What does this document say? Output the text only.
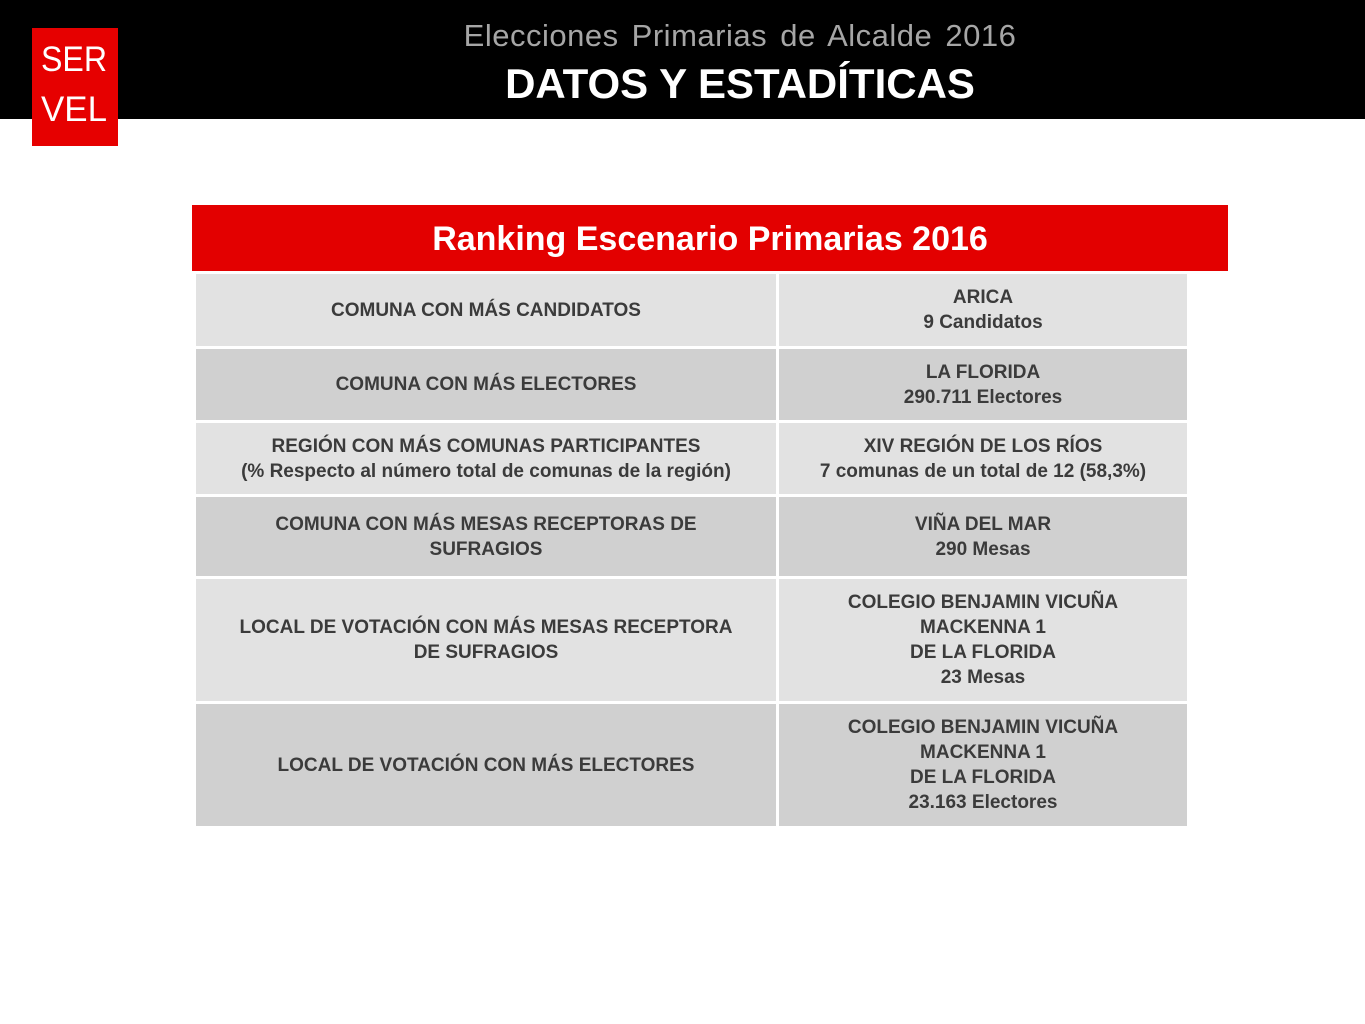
Elecciones Primarias de Alcalde 2016
DATOS Y ESTADÍTICAS
SER
VEL
Ranking Escenario Primarias 2016
COMUNA CON MÁS CANDIDATOS	ARICA
9 Candidatos

COMUNA CON MÁS ELECTORES	LA FLORIDA
290.711 Electores

REGIÓN CON MÁS COMUNAS PARTICIPANTES
(% Respecto al número total de comunas de la región)	XIV REGIÓN DE LOS RÍOS
7 comunas de un total de 12 (58,3%)

COMUNA CON MÁS MESAS RECEPTORAS DE
SUFRAGIOS	VIÑA DEL MAR
290 Mesas

LOCAL DE VOTACIÓN CON MÁS MESAS RECEPTORA
DE SUFRAGIOS	COLEGIO BENJAMIN VICUÑA
MACKENNA 1
DE LA FLORIDA
23 Mesas

LOCAL DE VOTACIÓN CON MÁS ELECTORES	COLEGIO BENJAMIN VICUÑA
MACKENNA 1
DE LA FLORIDA
23.163 Electores
